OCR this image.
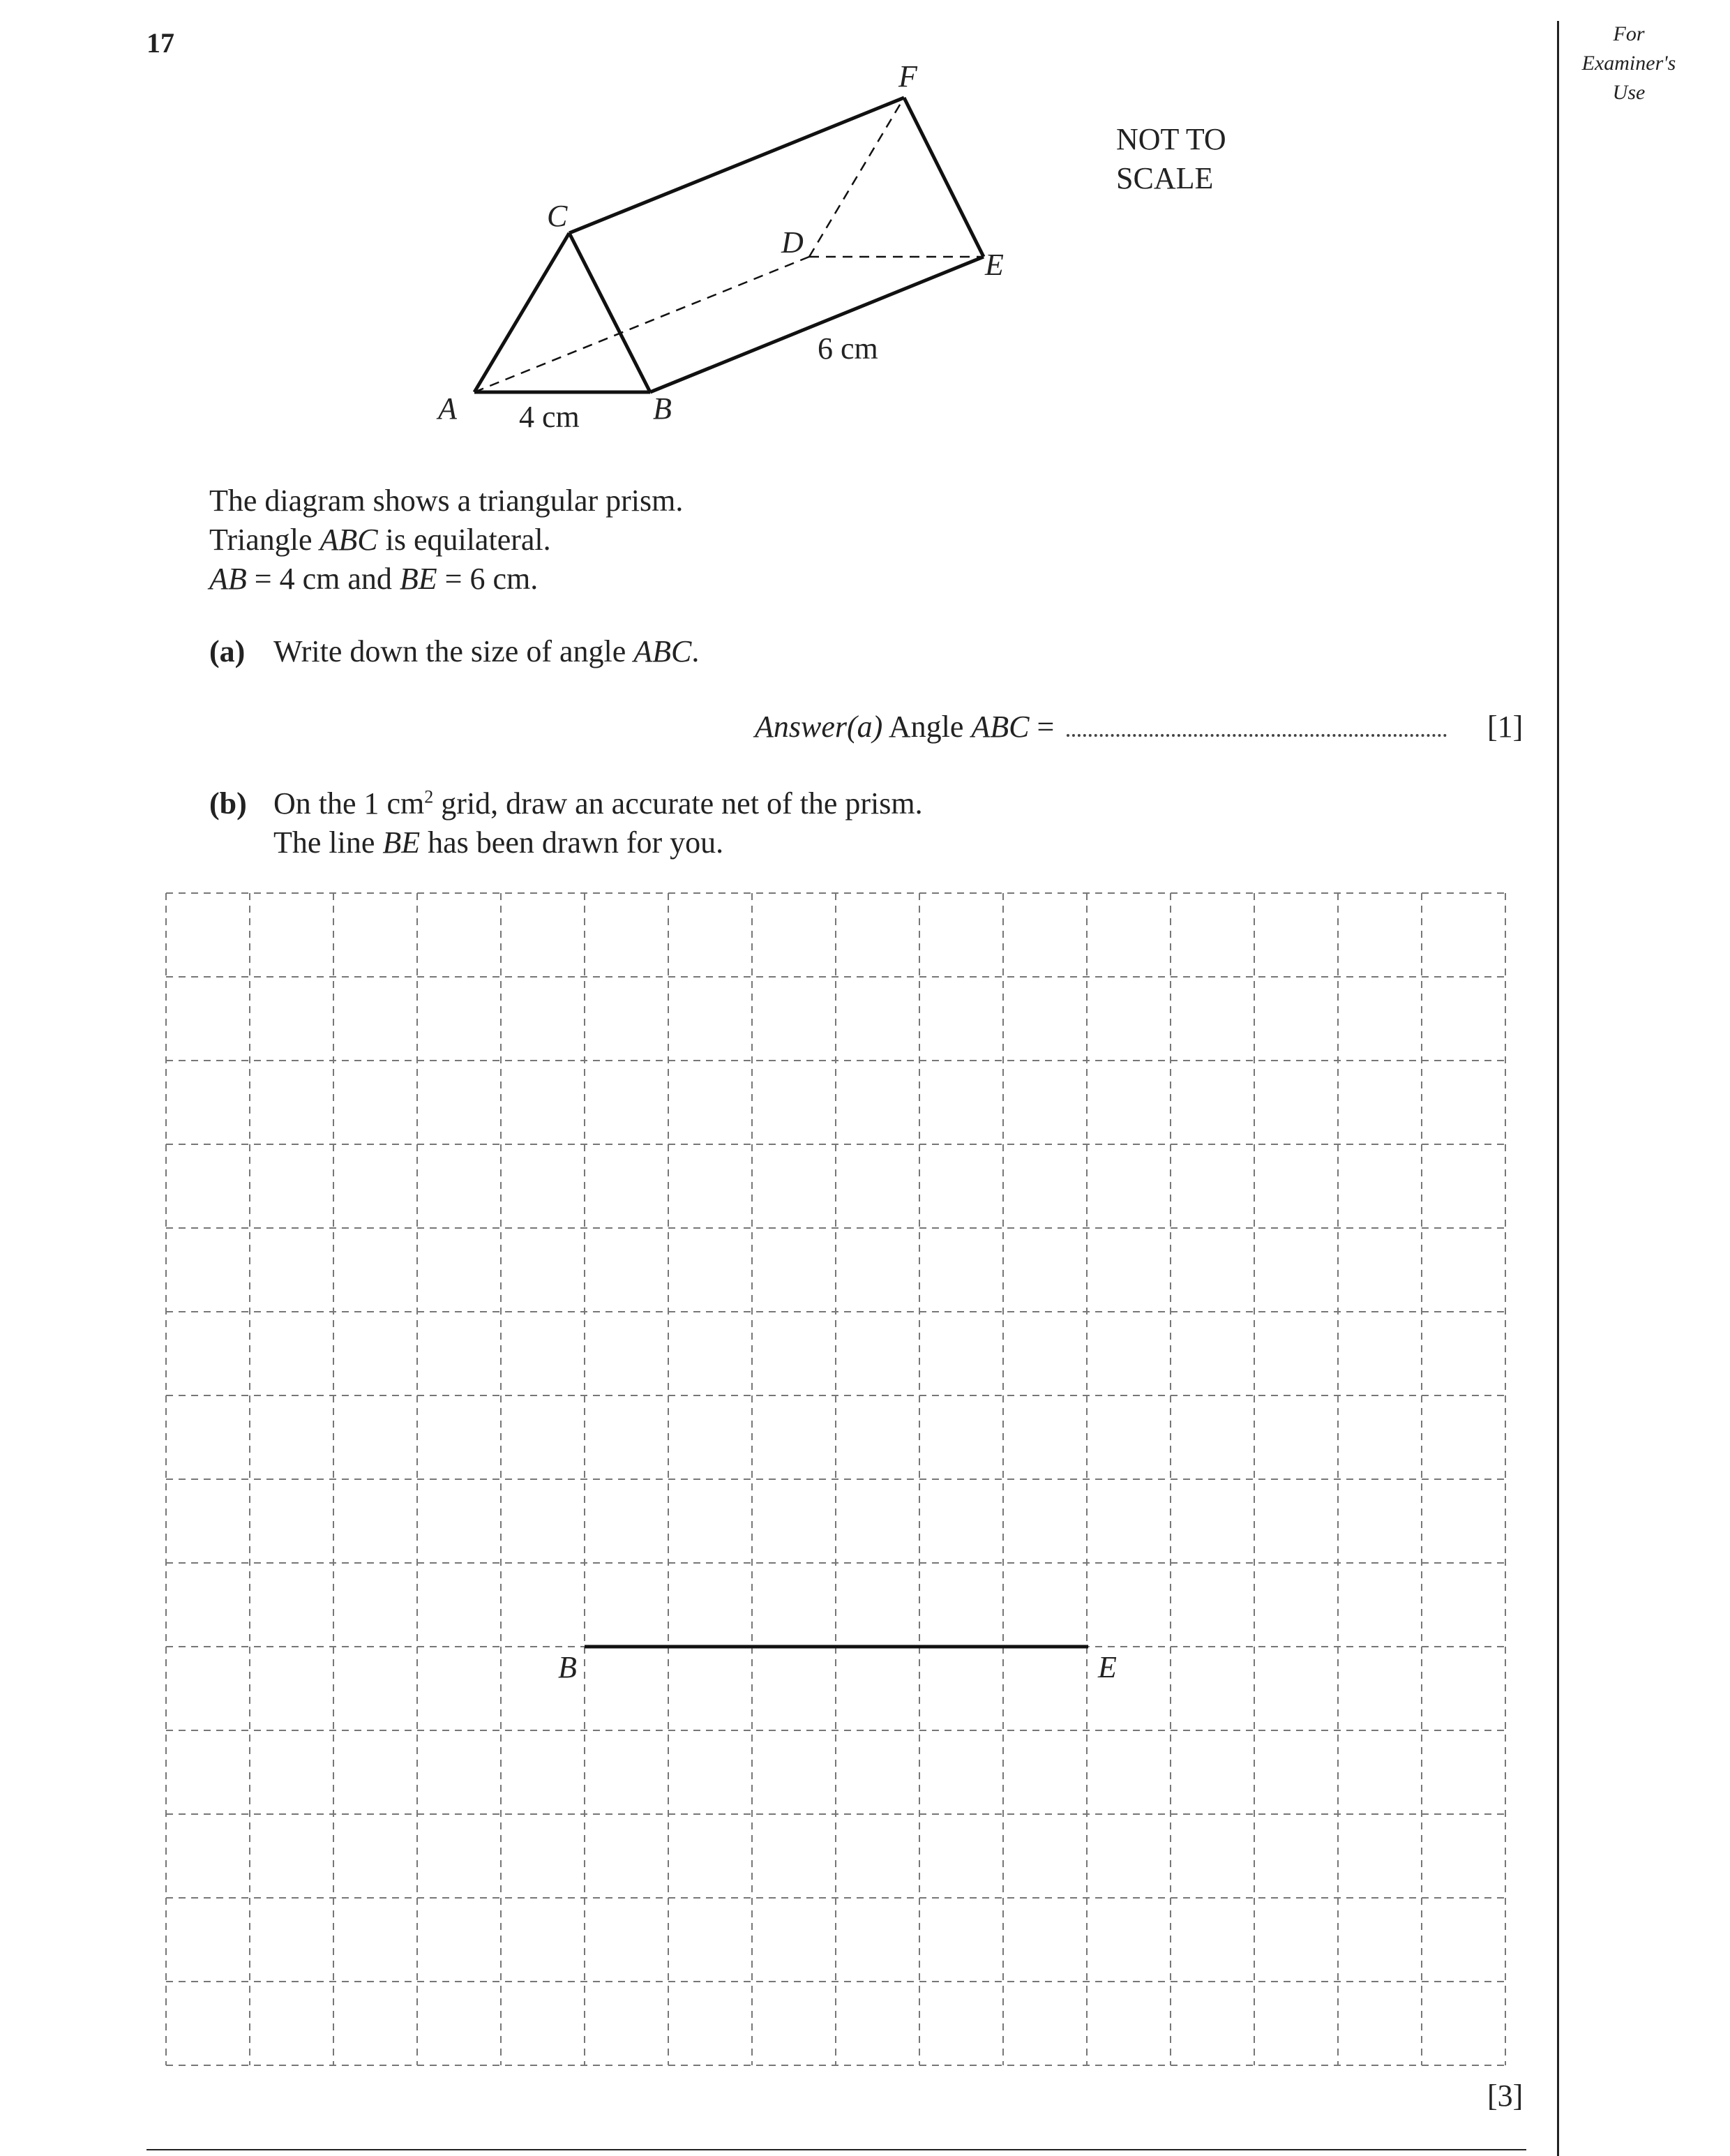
17	For
Examiner's
Use
A	B
C
D
E
F
4 cm
6 cm
NOT TO
SCALE
The diagram shows a triangular prism.
Triangle ABC is equilateral.
AB = 4 cm and BE = 6 cm.
(a) Write down the size of angle ABC.
Answer(a) Angle ABC =	[1]
(b) On the 1 $cm^2$ grid, draw an accurate net of the prism.
The line BE has been drawn for you.
B	E
[3]
